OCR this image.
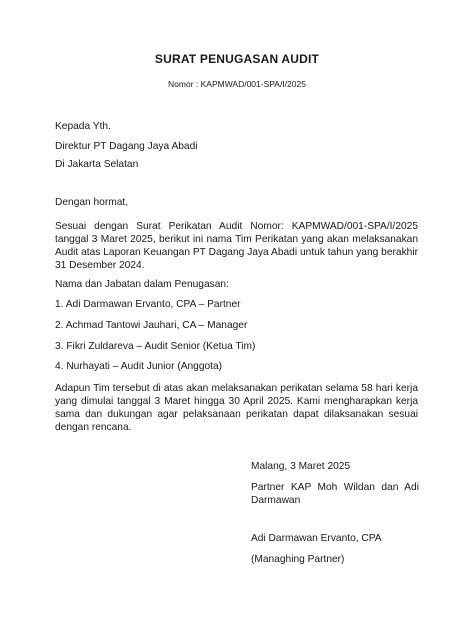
SURAT PENUGASAN AUDIT
Nomor : KAPMWAD/001-SPA/I/2025
Kepada Yth.
Direktur PT Dagang Jaya Abadi
Di Jakarta Selatan
Dengan hormat,
Sesuai dengan Surat Perikatan Audit Nomor: KAPMWAD/001-SPA/I/2025 tanggal 3 Maret 2025, berikut ini nama Tim Perikatan yang akan melaksanakan Audit atas Laporan Keuangan PT Dagang Jaya Abadi untuk tahun yang berakhir 31 Desember 2024.
Nama dan Jabatan dalam Penugasan:
1. Adi Darmawan Ervanto, CPA – Partner
2. Achmad Tantowi Jauhari, CA – Manager
3. Fikri Zuldareva – Audit Senior (Ketua Tim)
4. Nurhayati – Audit Junior (Anggota)
Adapun Tim tersebut di atas akan melaksanakan perikatan selama 58 hari kerja yang dimulai tanggal 3 Maret hingga 30 April 2025. Kami mengharapkan kerja sama dan dukungan agar pelaksanaan perikatan dapat dilaksanakan sesuai dengan rencana.
Malang, 3 Maret 2025
Partner KAP Moh Wildan dan Adi Darmawan
Adi Darmawan Ervanto, CPA
(Managhing Partner)
